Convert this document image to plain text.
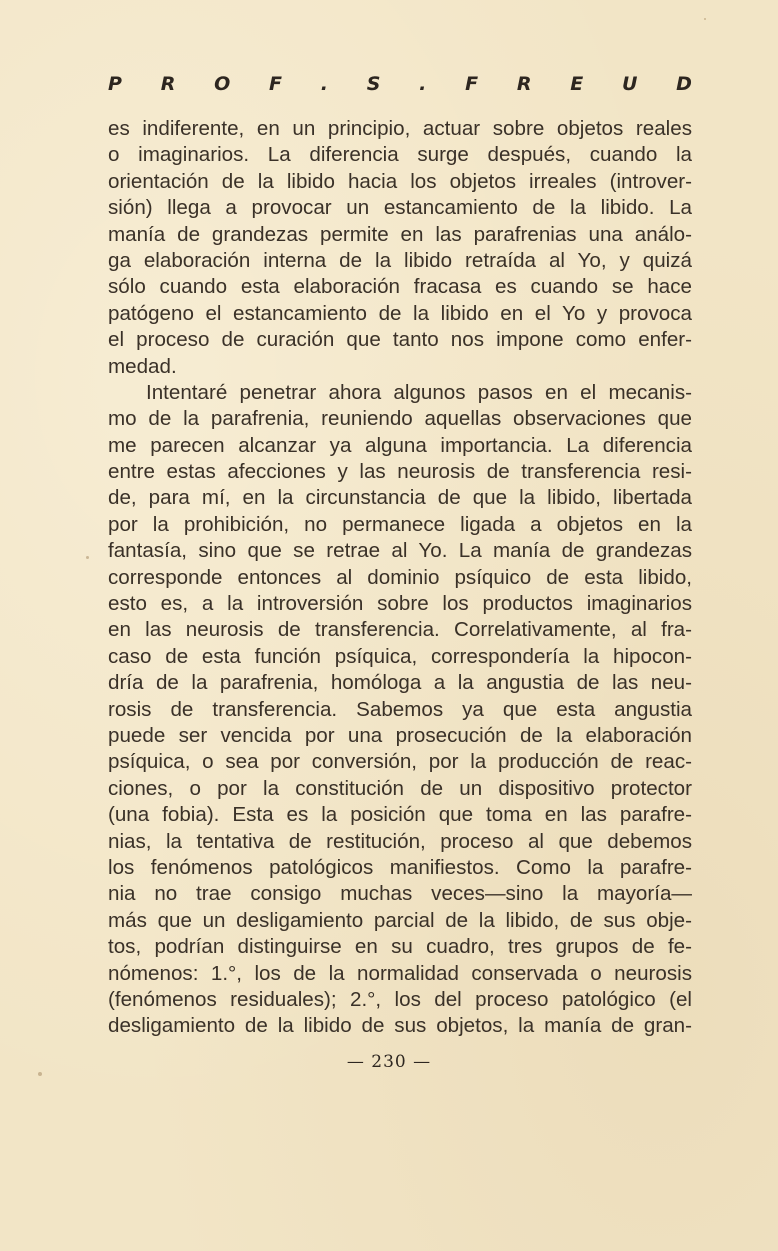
P R O F . S . F R E U D
es indiferente, en un principio, actuar sobre objetos reales
o imaginarios. La diferencia surge después, cuando la
orientación de la libido hacia los objetos irreales (introver-
sión) llega a provocar un estancamiento de la libido. La
manía de grandezas permite en las parafrenias una análo-
ga elaboración interna de la libido retraída al Yo, y quizá
sólo cuando esta elaboración fracasa es cuando se hace
patógeno el estancamiento de la libido en el Yo y provoca
el proceso de curación que tanto nos impone como enfer-
medad.
Intentaré penetrar ahora algunos pasos en el mecanis-
mo de la parafrenia, reuniendo aquellas observaciones que
me parecen alcanzar ya alguna importancia. La diferencia
entre estas afecciones y las neurosis de transferencia resi-
de, para mí, en la circunstancia de que la libido, libertada
por la prohibición, no permanece ligada a objetos en la
fantasía, sino que se retrae al Yo. La manía de grandezas
corresponde entonces al dominio psíquico de esta libido,
esto es, a la introversión sobre los productos imaginarios
en las neurosis de transferencia. Correlativamente, al fra-
caso de esta función psíquica, correspondería la hipocon-
dría de la parafrenia, homóloga a la angustia de las neu-
rosis de transferencia. Sabemos ya que esta angustia
puede ser vencida por una prosecución de la elaboración
psíquica, o sea por conversión, por la producción de reac-
ciones, o por la constitución de un dispositivo protector
(una fobia). Esta es la posición que toma en las parafre-
nias, la tentativa de restitución, proceso al que debemos
los fenómenos patológicos manifiestos. Como la parafre-
nia no trae consigo muchas veces—sino la mayoría—
más que un desligamiento parcial de la libido, de sus obje-
tos, podrían distinguirse en su cuadro, tres grupos de fe-
nómenos: 1.°, los de la normalidad conservada o neurosis
(fenómenos residuales); 2.°, los del proceso patológico (el
desligamiento de la libido de sus objetos, la manía de gran-
— 230 —
